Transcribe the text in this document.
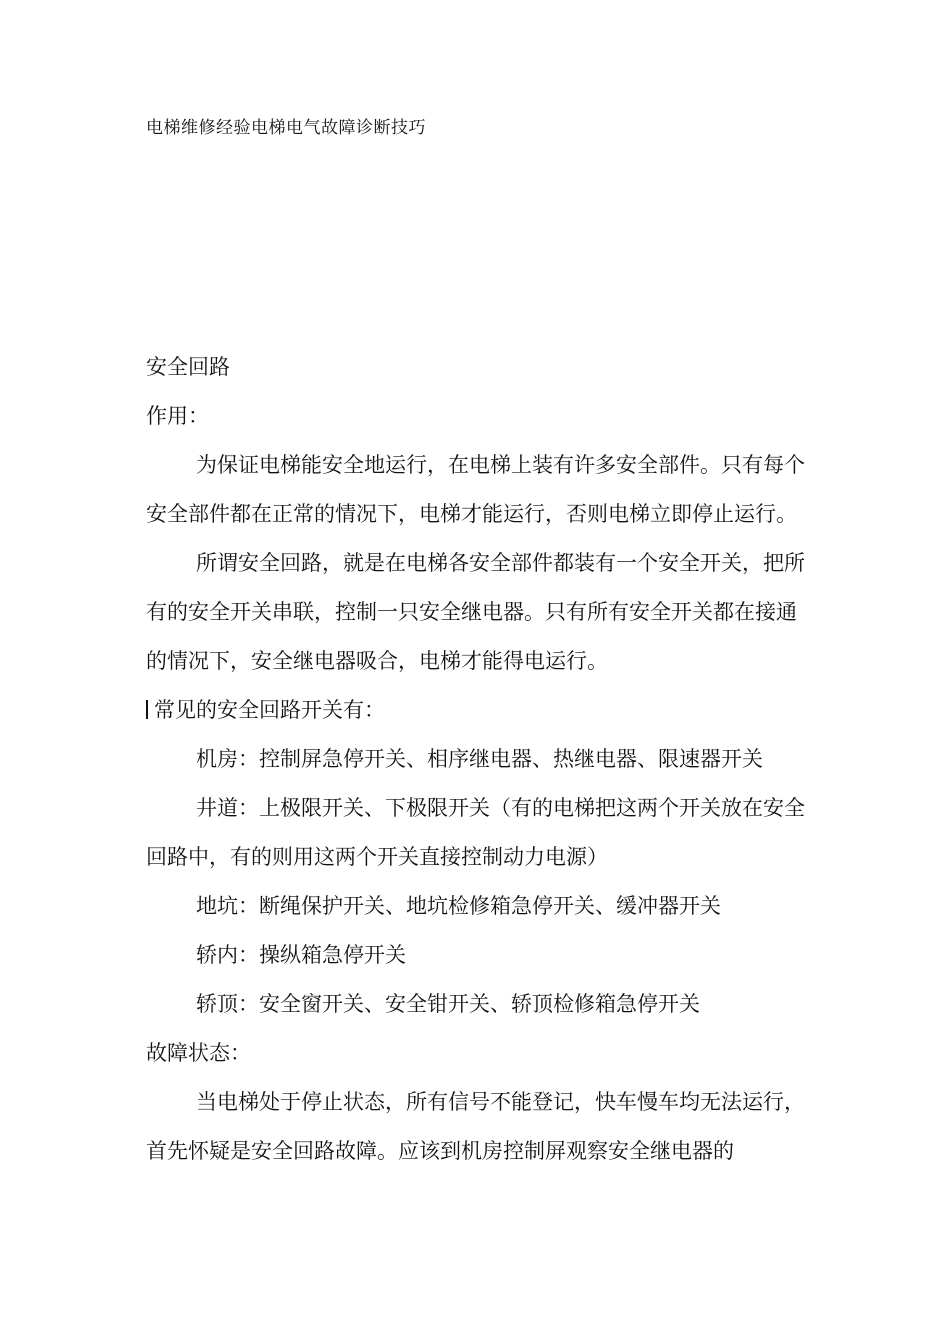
电梯维修经验电梯电气故障诊断技巧

安全回路

作用：

为保证电梯能安全地运行，在电梯上装有许多安全部件。只有每个安全部件都在正常的情况下，电梯才能运行，否则电梯立即停止运行。

所谓安全回路，就是在电梯各安全部件都装有一个安全开关，把所有的安全开关串联，控制一只安全继电器。只有所有安全开关都在接通的情况下，安全继电器吸合，电梯才能得电运行。

常见的安全回路开关有：

机房：控制屏急停开关、相序继电器、热继电器、限速器开关

井道：上极限开关、下极限开关（有的电梯把这两个开关放在安全回路中，有的则用这两个开关直接控制动力电源）

地坑：断绳保护开关、地坑检修箱急停开关、缓冲器开关

轿内：操纵箱急停开关

轿顶：安全窗开关、安全钳开关、轿顶检修箱急停开关

故障状态：

当电梯处于停止状态，所有信号不能登记，快车慢车均无法运行，首先怀疑是安全回路故障。应该到机房控制屏观察安全继电器的
